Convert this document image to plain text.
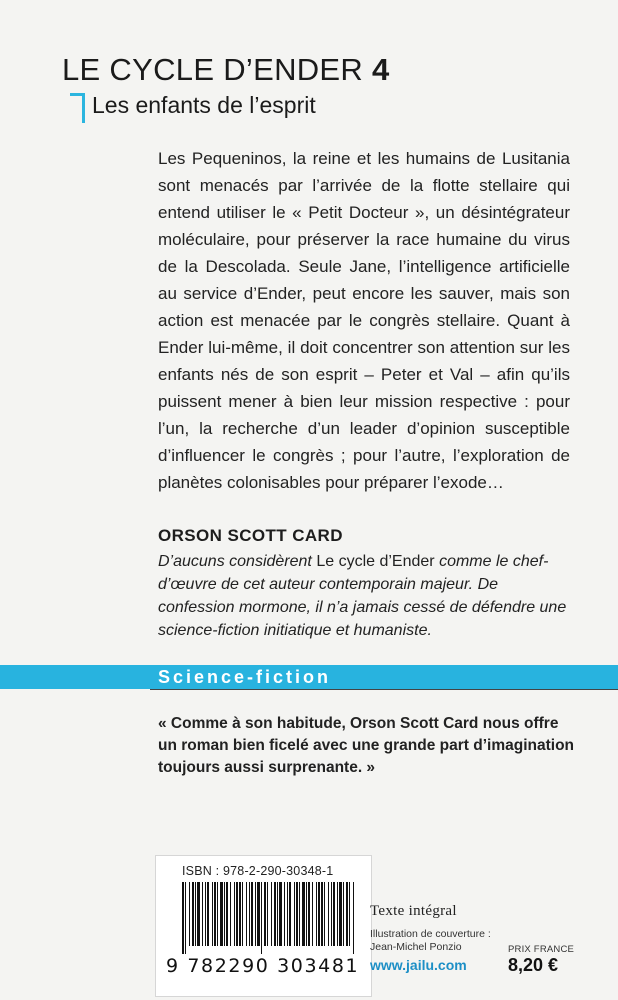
LE CYCLE D’ENDER 4
Les enfants de l’esprit
Les Pequeninos, la reine et les humains de Lusitania sont menacés par l’arrivée de la flotte stellaire qui entend utiliser le « Petit Docteur », un désintégrateur moléculaire, pour préserver la race humaine du virus de la Descolada. Seule Jane, l’intelligence artificielle au service d’Ender, peut encore les sauver, mais son action est menacée par le congrès stellaire. Quant à Ender lui-même, il doit concentrer son attention sur les enfants nés de son esprit – Peter et Val – afin qu’ils puissent mener à bien leur mission respective : pour l’un, la recherche d’un leader d’opinion susceptible d’influencer le congrès ; pour l’autre, l’exploration de planètes colonisables pour préparer l’exode…
ORSON SCOTT CARD
D’aucuns considèrent Le cycle d’Ender comme le chef-d’œuvre de cet auteur contemporain majeur. De confession mormone, il n’a jamais cessé de défendre une science-fiction initiatique et humaniste.
Science-fiction
« Comme à son habitude, Orson Scott Card nous offre un roman bien ficelé avec une grande part d’imagination toujours aussi surprenante. »
ISBN : 978-2-290-30348-1
9 782290 303481
Texte intégral
Illustration de couverture :
Jean-Michel Ponzio
www.jailu.com
PRIX FRANCE
8,20 €
